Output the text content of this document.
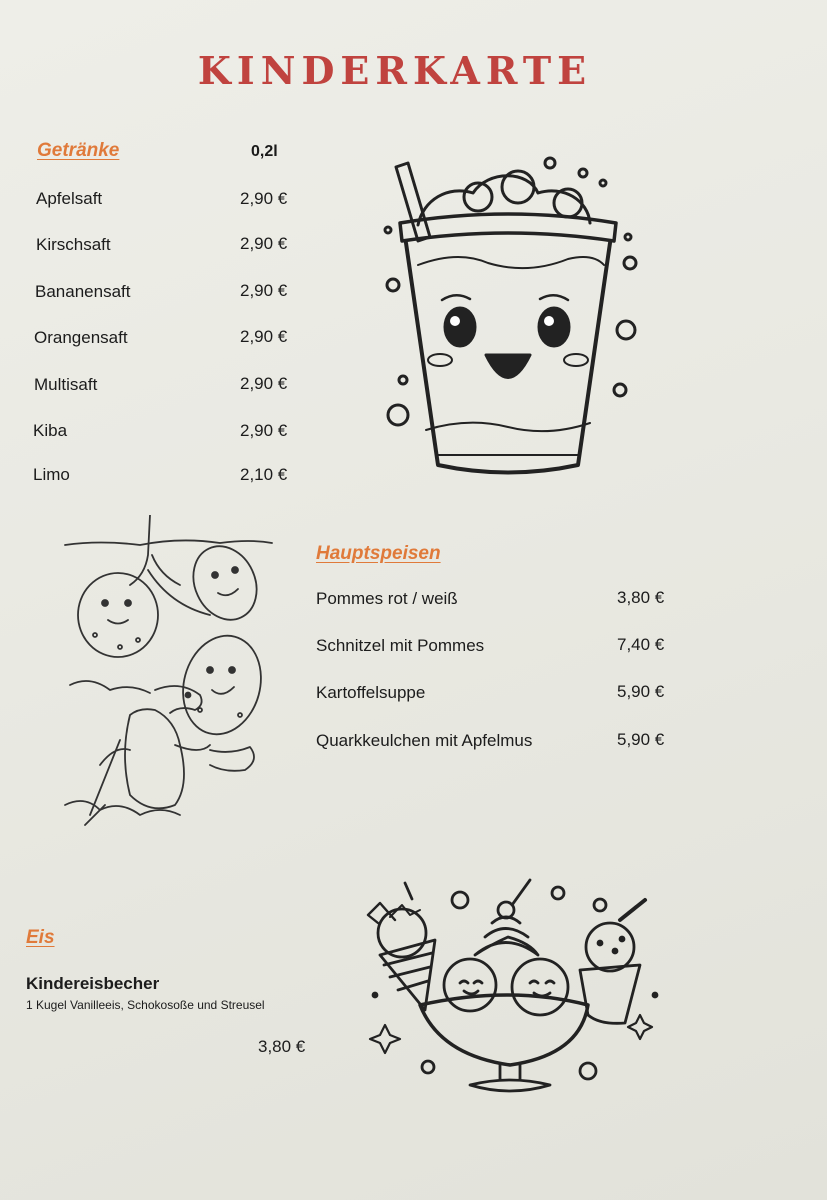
KINDERKARTE
Getränke	0,2l
Apfelsaft	2,90 €
Kirschsaft	2,90 €
Bananensaft	2,90 €
Orangensaft	2,90 €
Multisaft	2,90 €
Kiba	2,90 €
Limo	2,10 €
Hauptspeisen
Pommes rot / weiß	3,80 €
Schnitzel mit Pommes	7,40 €
Kartoffelsuppe	5,90 €
Quarkkeulchen mit Apfelmus	5,90 €
Eis
Kindereisbecher
1 Kugel Vanilleeis, Schokosoße und Streusel
3,80 €
